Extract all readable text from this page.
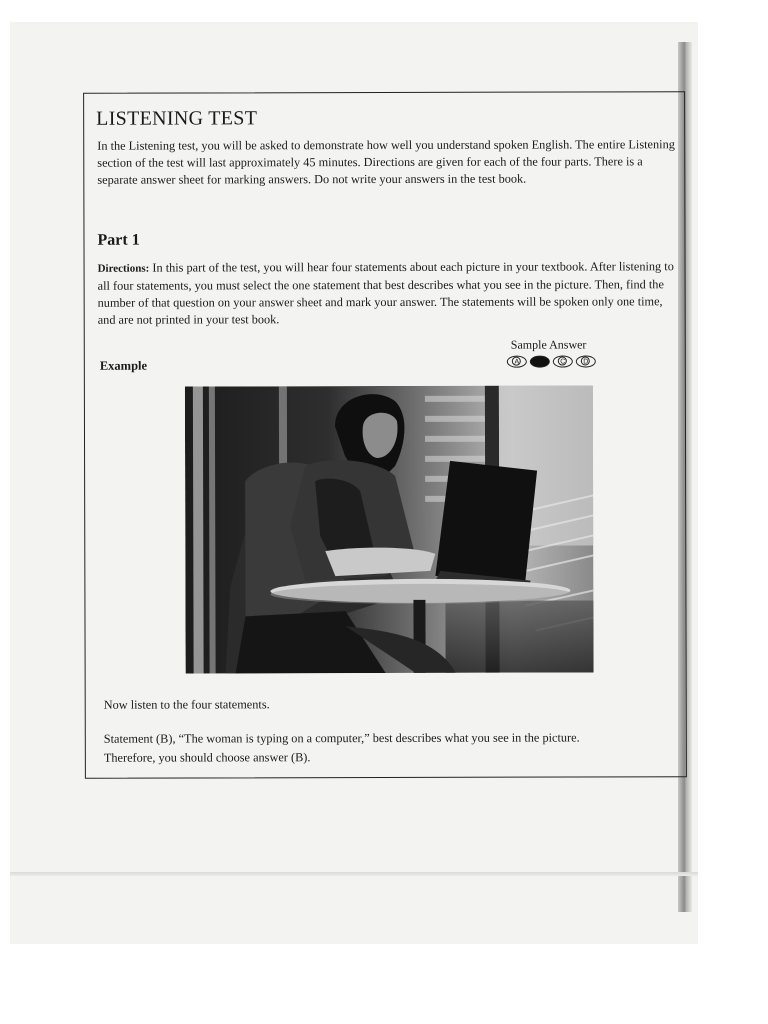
LISTENING TEST
In the Listening test, you will be asked to demonstrate how well you understand spoken English. The entire Listening section of the test will last approximately 45 minutes. Directions are given for each of the four parts. There is a separate answer sheet for marking answers. Do not write your answers in the test book.
Part 1
Directions: In this part of the test, you will hear four statements about each picture in your textbook. After listening to all four statements, you must select the one statement that best describes what you see in the picture. Then, find the number of that question on your answer sheet and mark your answer. The statements will be spoken only one time, and are not printed in your test book.
Sample Answer
A	C	D
Example
Now listen to the four statements.
Statement (B), “The woman is typing on a computer,” best describes what you see in the picture.
Therefore, you should choose answer (B).
